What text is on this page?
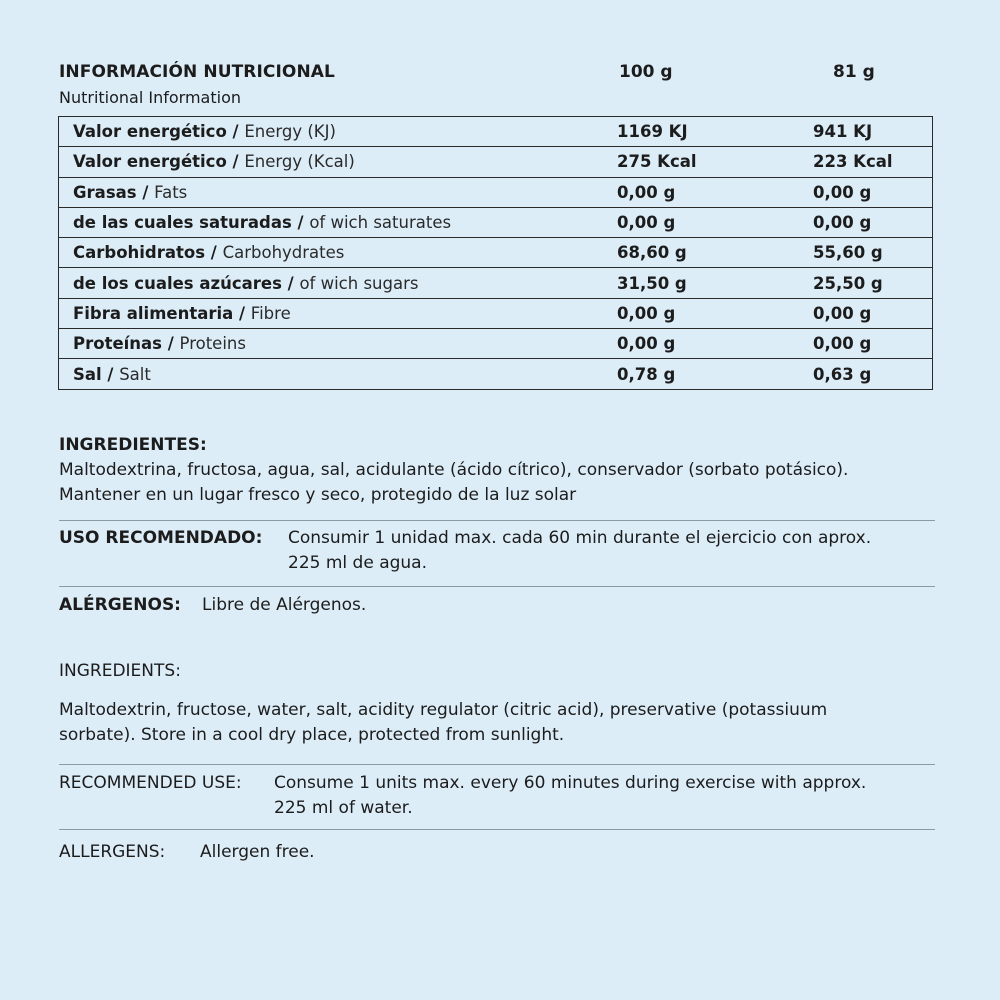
INFORMACIÓN NUTRICIONAL
Nutritional Information
100 g	81 g
Valor energético / Energy (KJ)	1169 KJ	941 KJ
Valor energético / Energy (Kcal)	275 Kcal	223 Kcal
Grasas / Fats	0,00 g	0,00 g
de las cuales saturadas / of wich saturates	0,00 g	0,00 g
Carbohidratos / Carbohydrates	68,60 g	55,60 g
de los cuales azúcares / of wich sugars	31,50 g	25,50 g
Fibra alimentaria / Fibre	0,00 g	0,00 g
Proteínas / Proteins	0,00 g	0,00 g
Sal / Salt	0,78 g	0,63 g
INGREDIENTES:
Maltodextrina, fructosa, agua, sal, acidulante (ácido cítrico), conservador (sorbato potásico).
Mantener en un lugar fresco y seco, protegido de la luz solar
USO RECOMENDADO: Consumir 1 unidad max. cada 60 min durante el ejercicio con aprox.
225 ml de agua.
ALÉRGENOS: Libre de Alérgenos.
INGREDIENTS:
Maltodextrin, fructose, water, salt, acidity regulator (citric acid), preservative (potassiuum
sorbate). Store in a cool dry place, protected from sunlight.
RECOMMENDED USE: Consume 1 units max. every 60 minutes during exercise with approx.
225 ml of water.
ALLERGENS: Allergen free.
